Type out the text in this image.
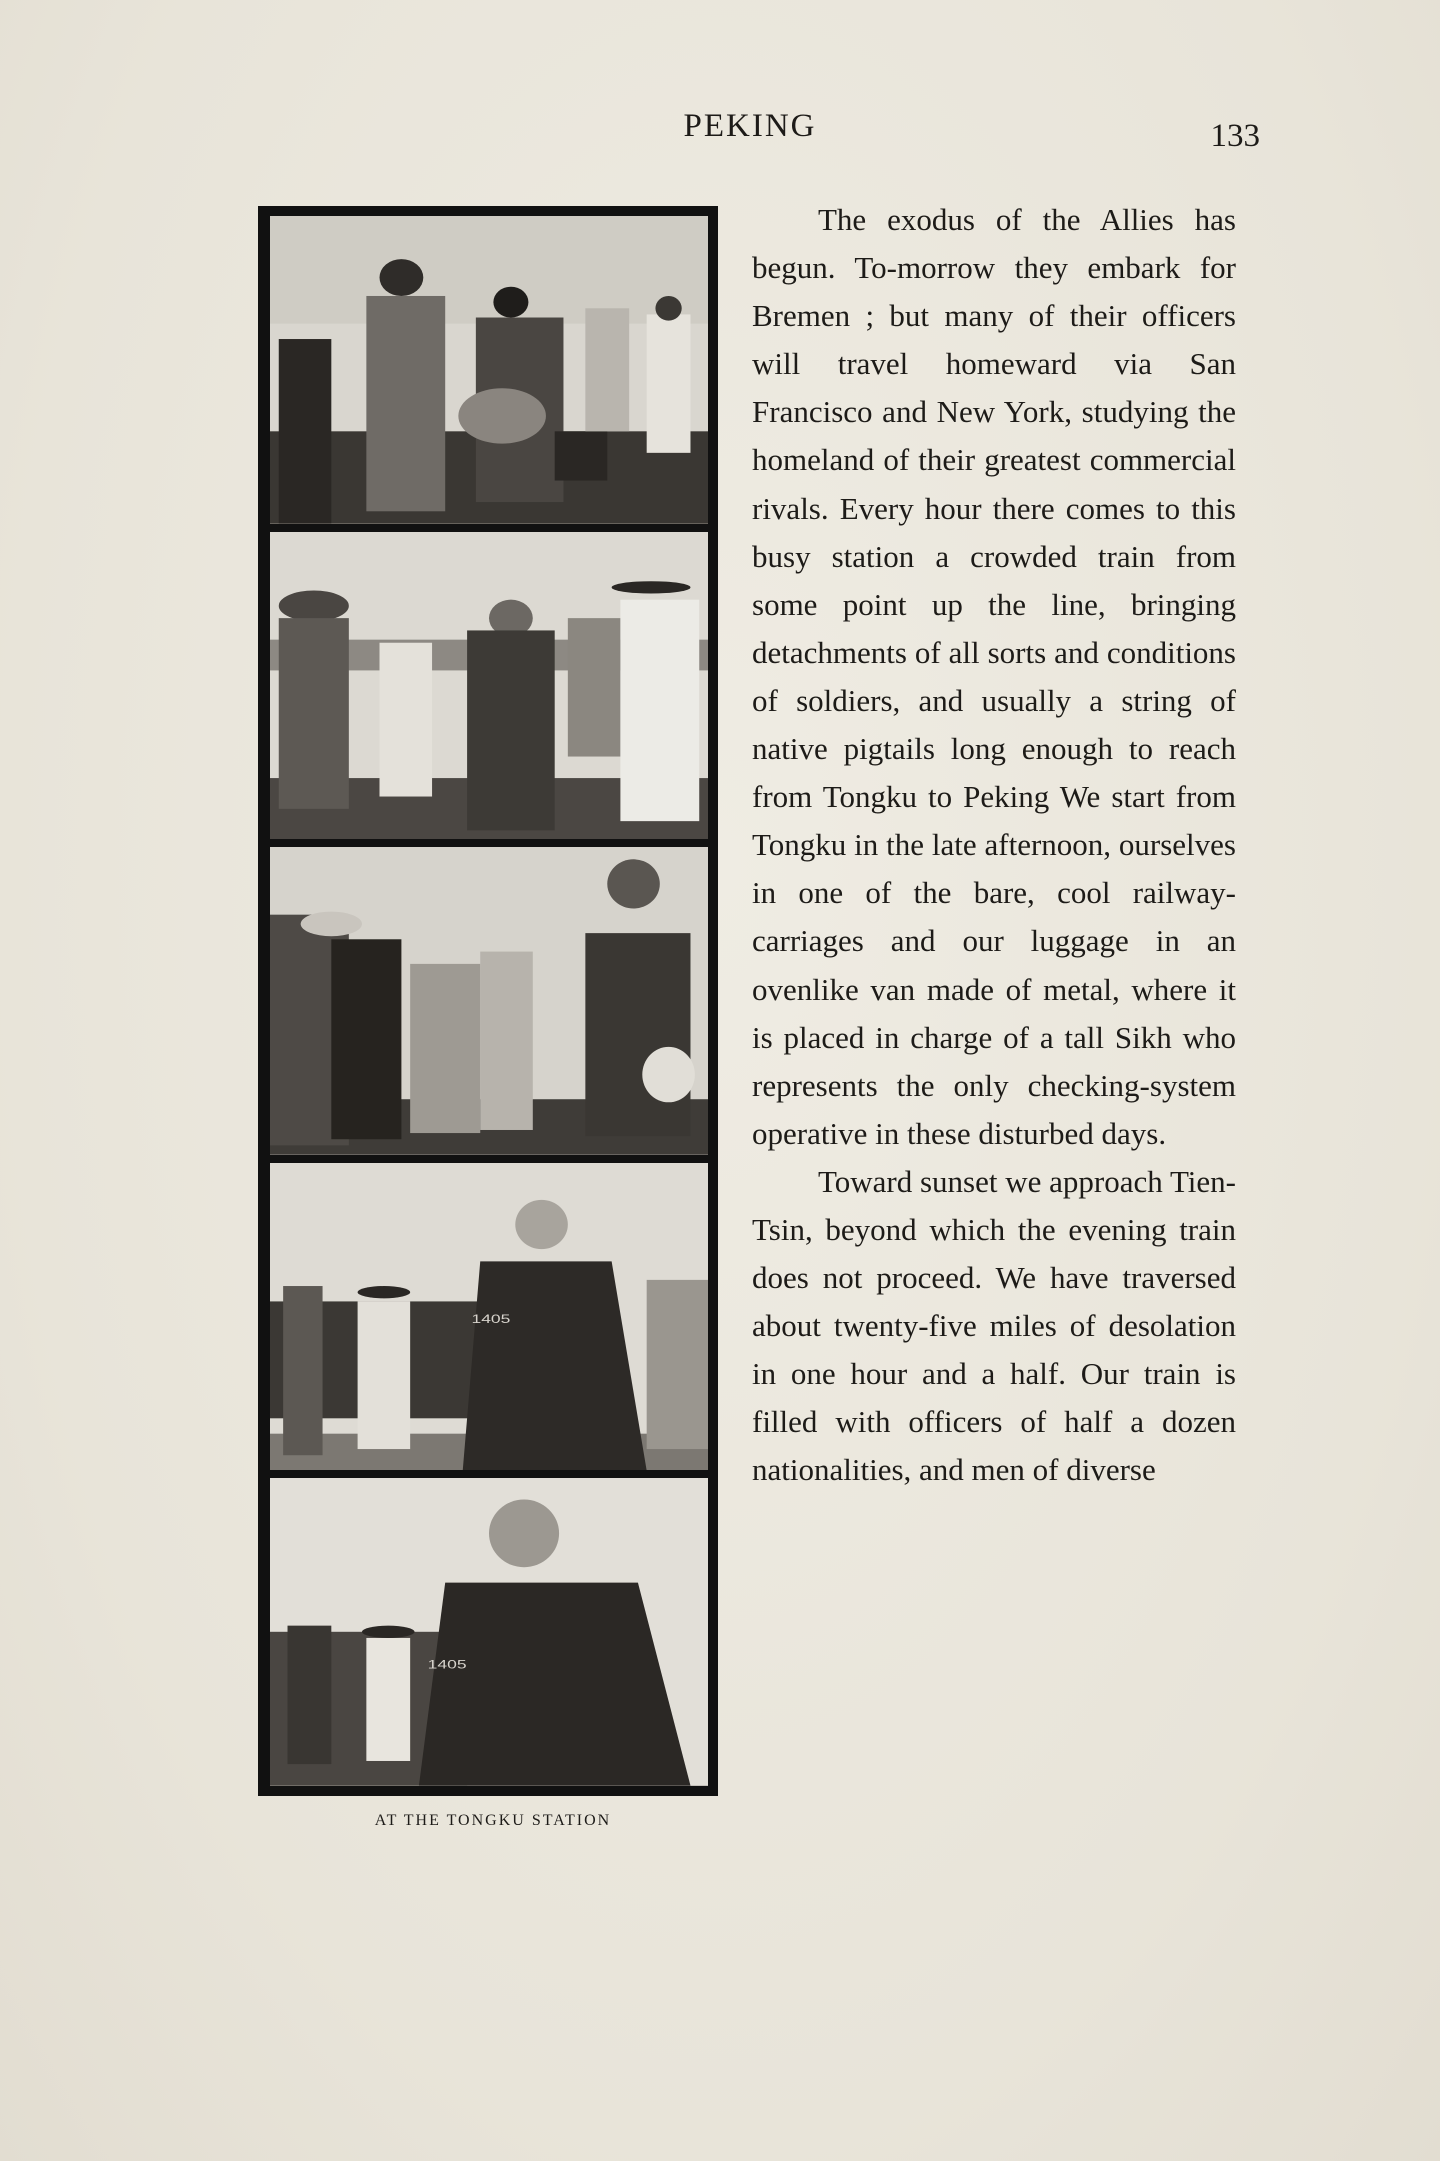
PEKING	133
1405
1405
AT THE TONGKU STATION

The exodus of the Allies has begun. To-morrow they embark for Bremen ; but many of their officers will travel homeward via San Francisco and New York, studying the homeland of their greatest commercial rivals. Every hour there comes to this busy station a crowded train from some point up the line, bringing detachments of all sorts and conditions of soldiers, and usually a string of native pigtails long enough to reach from Tongku to Peking We start from Tongku in the late afternoon, ourselves in one of the bare, cool railway-carriages and our luggage in an ovenlike van made of metal, where it is placed in charge of a tall Sikh who represents the only checking-system operative in these disturbed days.

Toward sunset we approach Tien-Tsin, beyond which the evening train does not proceed. We have traversed about twenty-five miles of desolation in one hour and a half. Our train is filled with officers of half a dozen nationalities, and men of diverse
